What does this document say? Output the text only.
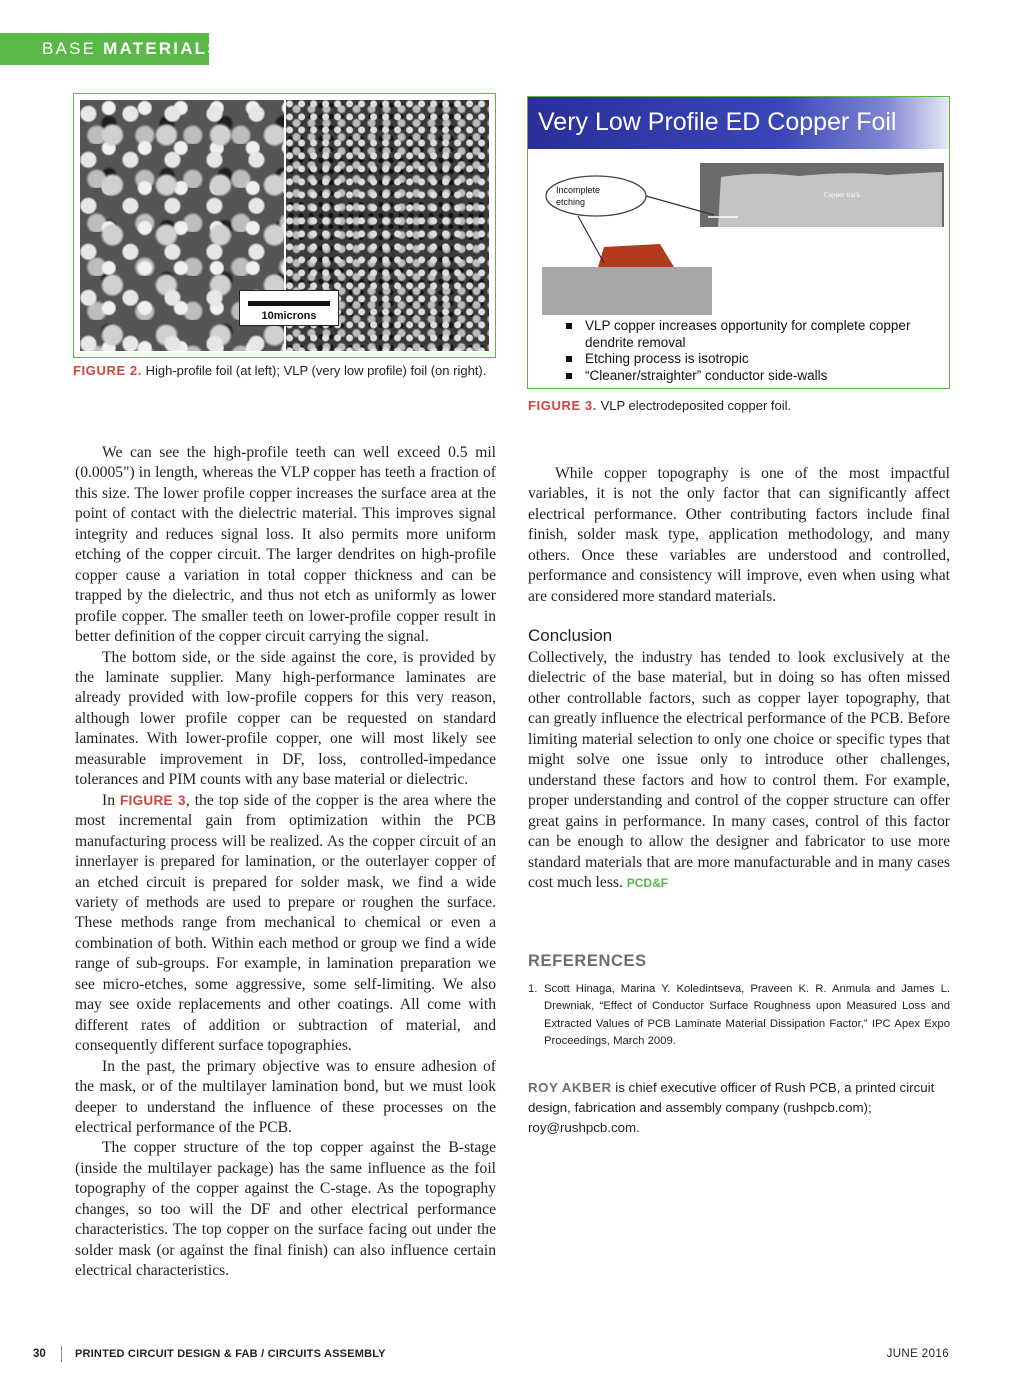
BASE MATERIALS
10microns
FIGURE 2. High-profile foil (at left); VLP (very low profile) foil (on right).
Very Low Profile ED Copper Foil
Copper track
35 µm
Incomplete
etching
VLP copper increases opportunity for complete copper dendrite removal
Etching process is isotropic
“Cleaner/straighter” conductor side-walls
FIGURE 3. VLP electrodeposited copper foil.

We can see the high-profile teeth can well exceed 0.5 mil (0.0005") in length, whereas the VLP copper has teeth a fraction of this size. The lower profile copper increases the surface area at the point of contact with the dielectric material. This improves signal integrity and reduces signal loss. It also permits more uniform etching of the copper circuit. The larger dendrites on high-profile copper cause a variation in total copper thickness and can be trapped by the dielectric, and thus not etch as uniformly as lower profile copper. The smaller teeth on lower-profile copper result in better definition of the copper circuit carrying the signal.

The bottom side, or the side against the core, is provided by the laminate supplier. Many high-performance laminates are already provided with low-profile coppers for this very reason, although lower profile copper can be requested on standard laminates. With lower-profile copper, one will most likely see measurable improvement in DF, loss, controlled-impedance tolerances and PIM counts with any base material or dielectric.

In FIGURE 3, the top side of the copper is the area where the most incremental gain from optimization within the PCB manufacturing process will be realized. As the copper circuit of an innerlayer is prepared for lamination, or the outerlayer copper of an etched circuit is prepared for solder mask, we find a wide variety of methods are used to prepare or roughen the surface. These methods range from mechanical to chemical or even a combination of both. Within each method or group we find a wide range of sub-groups. For example, in lamination preparation we see micro-etches, some aggressive, some self-limiting. We also may see oxide replacements and other coatings. All come with different rates of addition or subtraction of material, and consequently different surface topographies.

In the past, the primary objective was to ensure adhesion of the mask, or of the multilayer lamination bond, but we must look deeper to understand the influence of these processes on the electrical performance of the PCB.

The copper structure of the top copper against the B-stage (inside the multilayer package) has the same influence as the foil topography of the copper against the C-stage. As the topography changes, so too will the DF and other electrical performance characteristics. The top copper on the surface facing out under the solder mask (or against the final finish) can also influence certain electrical characteristics.

While copper topography is one of the most impactful variables, it is not the only factor that can significantly affect electrical performance. Other contributing factors include final finish, solder mask type, application methodology, and many others. Once these variables are understood and controlled, performance and consistency will improve, even when using what are considered more standard materials.

Conclusion

Collectively, the industry has tended to look exclusively at the dielectric of the base material, but in doing so has often missed other controllable factors, such as copper layer topography, that can greatly influence the electrical performance of the PCB. Before limiting material selection to only one choice or specific types that might solve one issue only to introduce other challenges, understand these factors and how to control them. For example, proper understanding and control of the copper structure can offer great gains in performance. In many cases, control of this factor can be enough to allow the designer and fabricator to use more standard materials that are more manufacturable and in many cases cost much less. PCD&F

REFERENCES
1. Scott Hinaga, Marina Y. Koledintseva, Praveen K. R. Anmula and James L. Drewniak, “Effect of Conductor Surface Roughness upon Measured Loss and Extracted Values of PCB Laminate Material Dissipation Factor,” IPC Apex Expo Proceedings, March 2009.
ROY AKBER is chief executive officer of Rush PCB, a printed circuit design, fabrication and assembly company (rushpcb.com); roy@rushpcb.com.
30	PRINTED CIRCUIT DESIGN & FAB / CIRCUITS ASSEMBLY	JUNE 2016
